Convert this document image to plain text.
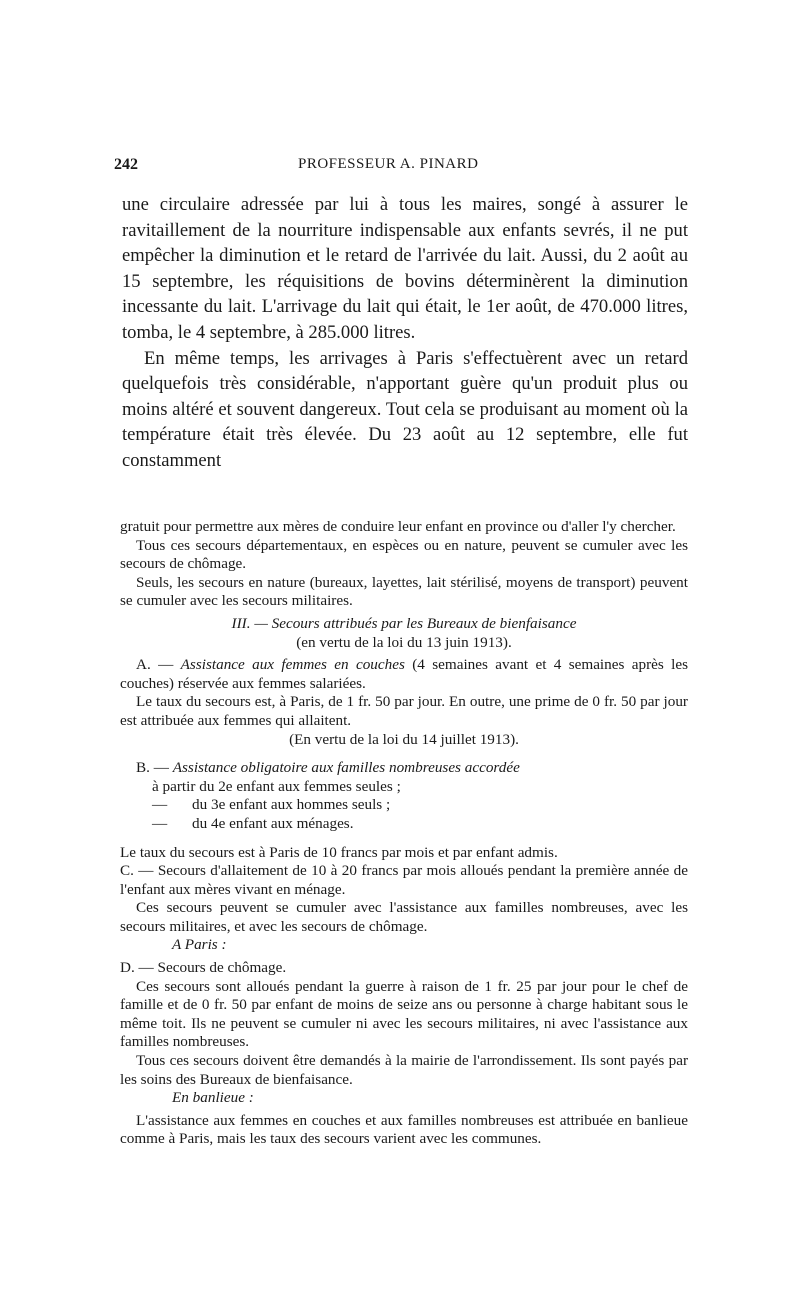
242	PROFESSEUR A. PINARD

une circulaire adressée par lui à tous les maires, songé à assurer le ravitaillement de la nourriture indispensable aux enfants sevrés, il ne put empêcher la diminution et le retard de l'arrivée du lait. Aussi, du 2 août au 15 septembre, les réquisitions de bovins déterminèrent la diminution incessante du lait. L'arrivage du lait qui était, le 1er août, de 470.000 litres, tomba, le 4 septembre, à 285.000 litres.

En même temps, les arrivages à Paris s'effectuèrent avec un retard quelquefois très considérable, n'apportant guère qu'un produit plus ou moins altéré et souvent dangereux. Tout cela se produisant au moment où la température était très élevée. Du 23 août au 12 septembre, elle fut constamment

gratuit pour permettre aux mères de conduire leur enfant en province ou d'aller l'y chercher.

Tous ces secours départementaux, en espèces ou en nature, peuvent se cumuler avec les secours de chômage.

Seuls, les secours en nature (bureaux, layettes, lait stérilisé, moyens de transport) peuvent se cumuler avec les secours militaires.

III. — Secours attribués par les Bureaux de bienfaisance

(en vertu de la loi du 13 juin 1913).

A. — Assistance aux femmes en couches (4 semaines avant et 4 semaines après les couches) réservée aux femmes salariées.

Le taux du secours est, à Paris, de 1 fr. 50 par jour. En outre, une prime de 0 fr. 50 par jour est attribuée aux femmes qui allaitent.

(En vertu de la loi du 14 juillet 1913).

B. — Assistance obligatoire aux familles nombreuses accordée

à partir du 2e enfant aux femmes seules ;

— du 3e enfant aux hommes seuls ;

— du 4e enfant aux ménages.

Le taux du secours est à Paris de 10 francs par mois et par enfant admis.

C. — Secours d'allaitement de 10 à 20 francs par mois alloués pendant la première année de l'enfant aux mères vivant en ménage.

Ces secours peuvent se cumuler avec l'assistance aux familles nombreuses, avec les secours militaires, et avec les secours de chômage.

A Paris :

D. — Secours de chômage.

Ces secours sont alloués pendant la guerre à raison de 1 fr. 25 par jour pour le chef de famille et de 0 fr. 50 par enfant de moins de seize ans ou personne à charge habitant sous le même toit. Ils ne peuvent se cumuler ni avec les secours militaires, ni avec l'assistance aux familles nombreuses.

Tous ces secours doivent être demandés à la mairie de l'arrondissement. Ils sont payés par les soins des Bureaux de bienfaisance.

En banlieue :

L'assistance aux femmes en couches et aux familles nombreuses est attribuée en banlieue comme à Paris, mais les taux des secours varient avec les communes.
